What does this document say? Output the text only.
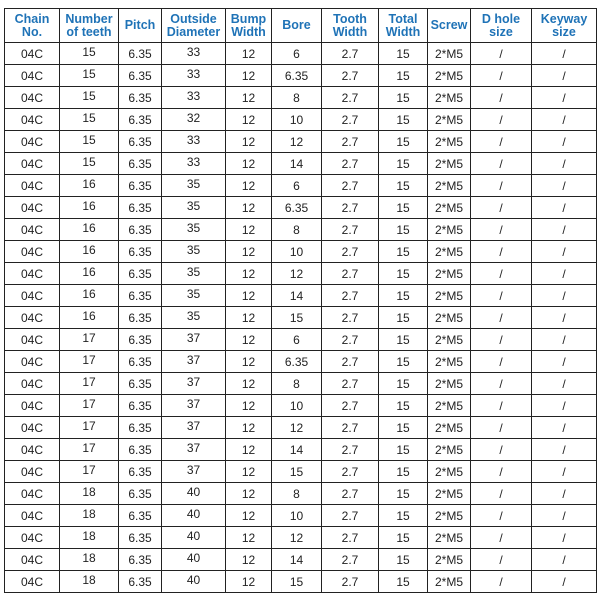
Chain No.	Number of teeth	Pitch	Outside Diameter	Bump Width	Bore	Tooth Width	Total Width	Screw	D hole size	Keyway size
04C	15	6.35	33	12	6	2.7	15	2*M5	/	/
04C	15	6.35	33	12	6.35	2.7	15	2*M5	/	/
04C	15	6.35	33	12	8	2.7	15	2*M5	/	/
04C	15	6.35	32	12	10	2.7	15	2*M5	/	/
04C	15	6.35	33	12	12	2.7	15	2*M5	/	/
04C	15	6.35	33	12	14	2.7	15	2*M5	/	/
04C	16	6.35	35	12	6	2.7	15	2*M5	/	/
04C	16	6.35	35	12	6.35	2.7	15	2*M5	/	/
04C	16	6.35	35	12	8	2.7	15	2*M5	/	/
04C	16	6.35	35	12	10	2.7	15	2*M5	/	/
04C	16	6.35	35	12	12	2.7	15	2*M5	/	/
04C	16	6.35	35	12	14	2.7	15	2*M5	/	/
04C	16	6.35	35	12	15	2.7	15	2*M5	/	/
04C	17	6.35	37	12	6	2.7	15	2*M5	/	/
04C	17	6.35	37	12	6.35	2.7	15	2*M5	/	/
04C	17	6.35	37	12	8	2.7	15	2*M5	/	/
04C	17	6.35	37	12	10	2.7	15	2*M5	/	/
04C	17	6.35	37	12	12	2.7	15	2*M5	/	/
04C	17	6.35	37	12	14	2.7	15	2*M5	/	/
04C	17	6.35	37	12	15	2.7	15	2*M5	/	/
04C	18	6.35	40	12	8	2.7	15	2*M5	/	/
04C	18	6.35	40	12	10	2.7	15	2*M5	/	/
04C	18	6.35	40	12	12	2.7	15	2*M5	/	/
04C	18	6.35	40	12	14	2.7	15	2*M5	/	/
04C	18	6.35	40	12	15	2.7	15	2*M5	/	/
